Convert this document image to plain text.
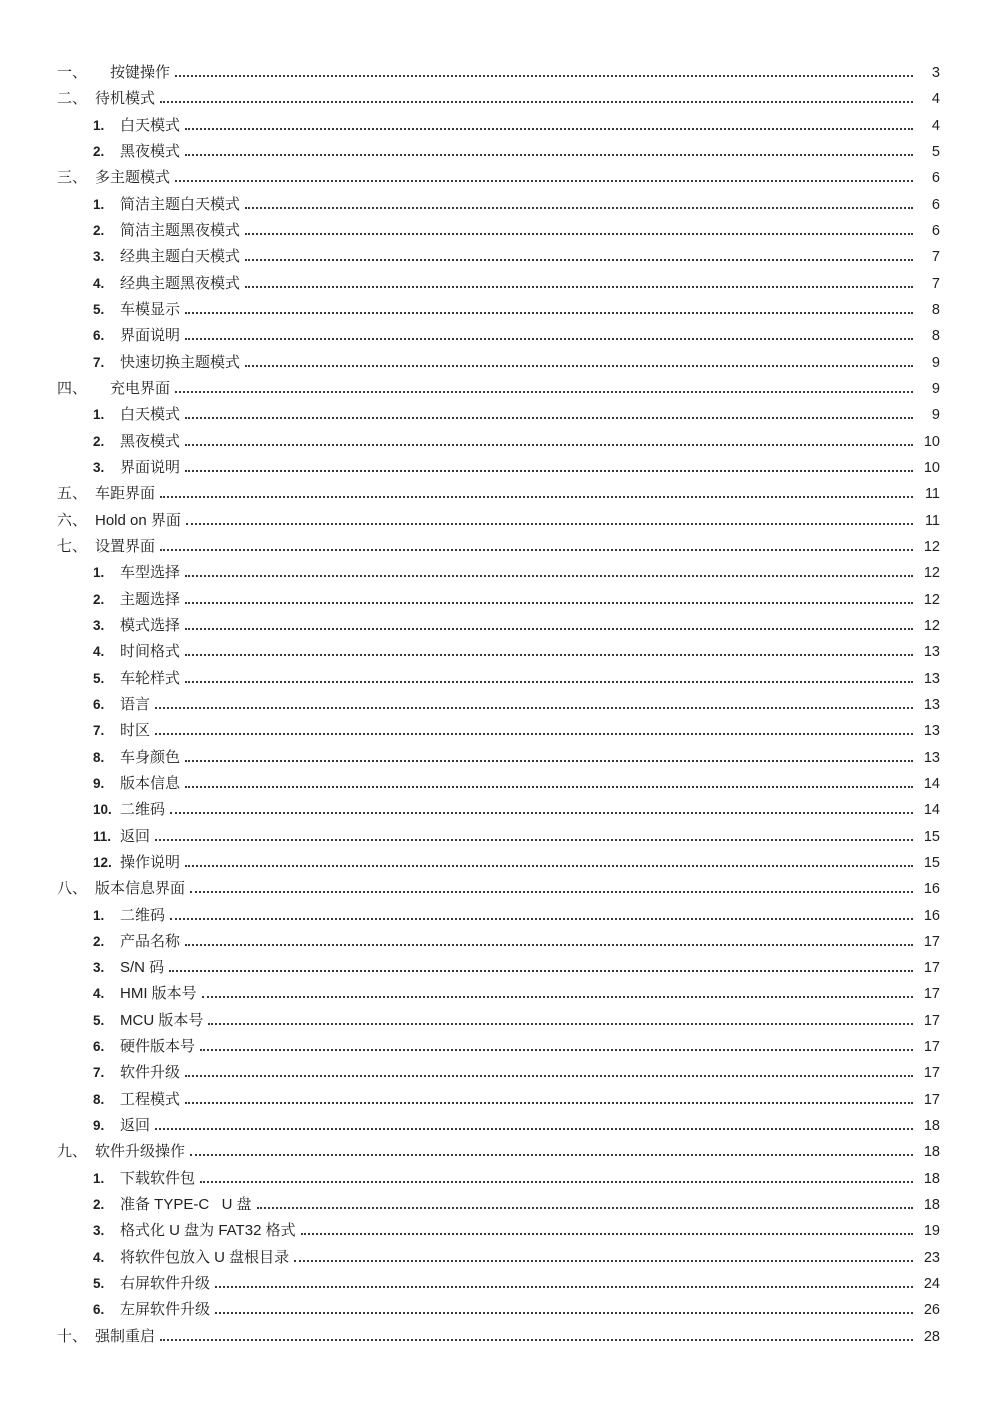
一、	按键操作	3
二、 待机模式	4
1.	白天模式	4
2.	黑夜模式	5
三、 多主题模式	6
1.	简洁主题白天模式	6
2.	简洁主题黑夜模式	6
3.	经典主题白天模式	7
4.	经典主题黑夜模式	7
5.	车模显示	8
6.	界面说明	8
7.	快速切换主题模式	9
四、	充电界面	9
1.	白天模式	9
2.	黑夜模式	10
3.	界面说明	10
五、 车距界面	11
六、 Hold on 界面	11
七、 设置界面	12
1.	车型选择	12
2.	主题选择	12
3.	模式选择	12
4.	时间格式	13
5.	车轮样式	13
6.	语言	13
7.	时区	13
8.	车身颜色	13
9.	版本信息	14
10. 二维码	14
11. 返回	15
12. 操作说明	15
八、 版本信息界面	16
1.	二维码	16
2.	产品名称	17
3.	S/N 码	17
4.	HMI 版本号	17
5.	MCU 版本号	17
6.	硬件版本号	17
7.	软件升级	17
8.	工程模式	17
9.	返回	18
九、 软件升级操作	18
1.	下载软件包	18
2.	准备 TYPE-C   U 盘	18
3.	格式化 U 盘为 FAT32 格式	19
4.	将软件包放入 U 盘根目录	23
5.	右屏软件升级	24
6.	左屏软件升级	26
十、 强制重启	28
